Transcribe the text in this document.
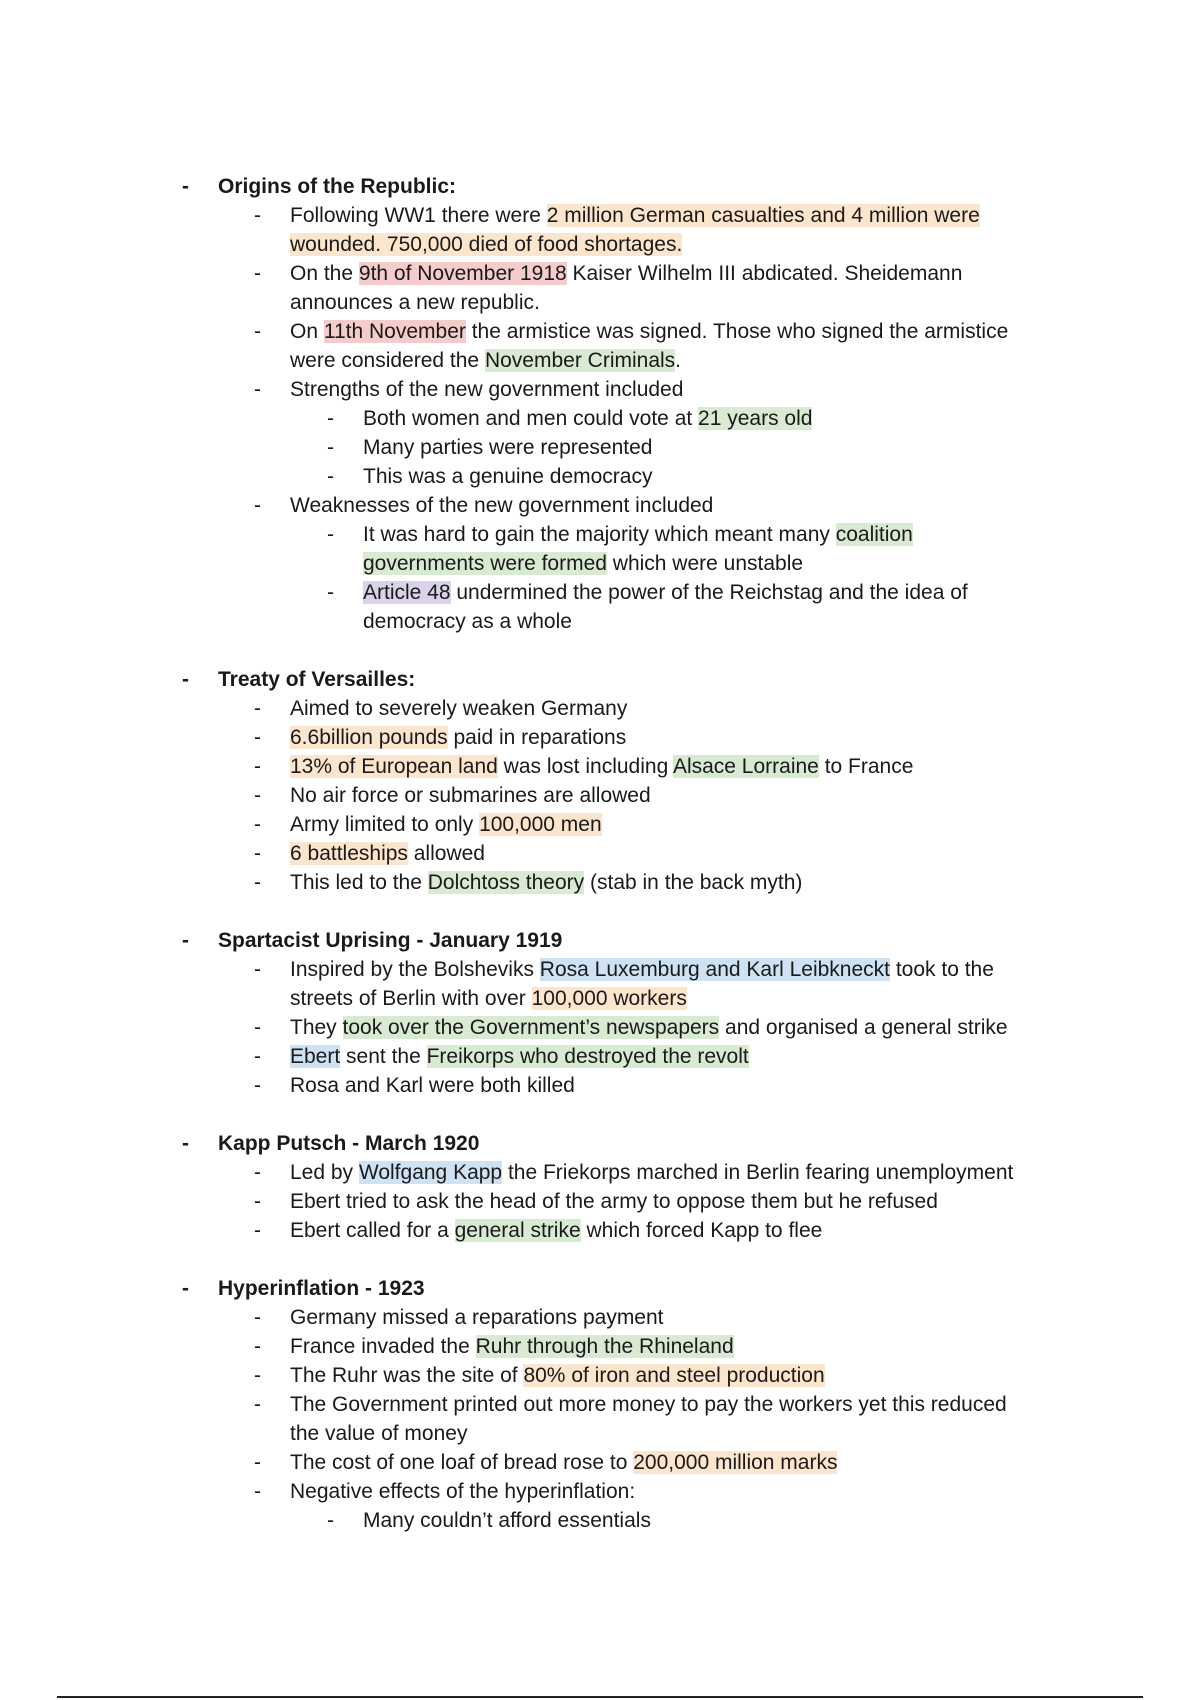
- Origins of the Republic:
- Following WW1 there were 2 million German casualties and 4 million were
wounded. 750,000 died of food shortages.
- On the 9th of November 1918 Kaiser Wilhelm III abdicated. Sheidemann
announces a new republic.
- On 11th November the armistice was signed. Those who signed the armistice
were considered the November Criminals.
- Strengths of the new government included
- Both women and men could vote at 21 years old
- Many parties were represented
- This was a genuine democracy
- Weaknesses of the new government included
- It was hard to gain the majority which meant many coalition
governments were formed which were unstable
- Article 48 undermined the power of the Reichstag and the idea of
democracy as a whole
- Treaty of Versailles:
- Aimed to severely weaken Germany
- 6.6billion pounds paid in reparations
- 13% of European land was lost including Alsace Lorraine to France
- No air force or submarines are allowed
- Army limited to only 100,000 men
- 6 battleships allowed
- This led to the Dolchtoss theory (stab in the back myth)
- Spartacist Uprising - January 1919
- Inspired by the Bolsheviks Rosa Luxemburg and Karl Leibkneckt took to the
streets of Berlin with over 100,000 workers
- They took over the Government’s newspapers and organised a general strike
- Ebert sent the Freikorps who destroyed the revolt
- Rosa and Karl were both killed
- Kapp Putsch - March 1920
- Led by Wolfgang Kapp the Friekorps marched in Berlin fearing unemployment
- Ebert tried to ask the head of the army to oppose them but he refused
- Ebert called for a general strike which forced Kapp to flee
- Hyperinflation - 1923
- Germany missed a reparations payment
- France invaded the Ruhr through the Rhineland
- The Ruhr was the site of 80% of iron and steel production
- The Government printed out more money to pay the workers yet this reduced
the value of money
- The cost of one loaf of bread rose to 200,000 million marks
- Negative effects of the hyperinflation:
- Many couldn’t afford essentials
